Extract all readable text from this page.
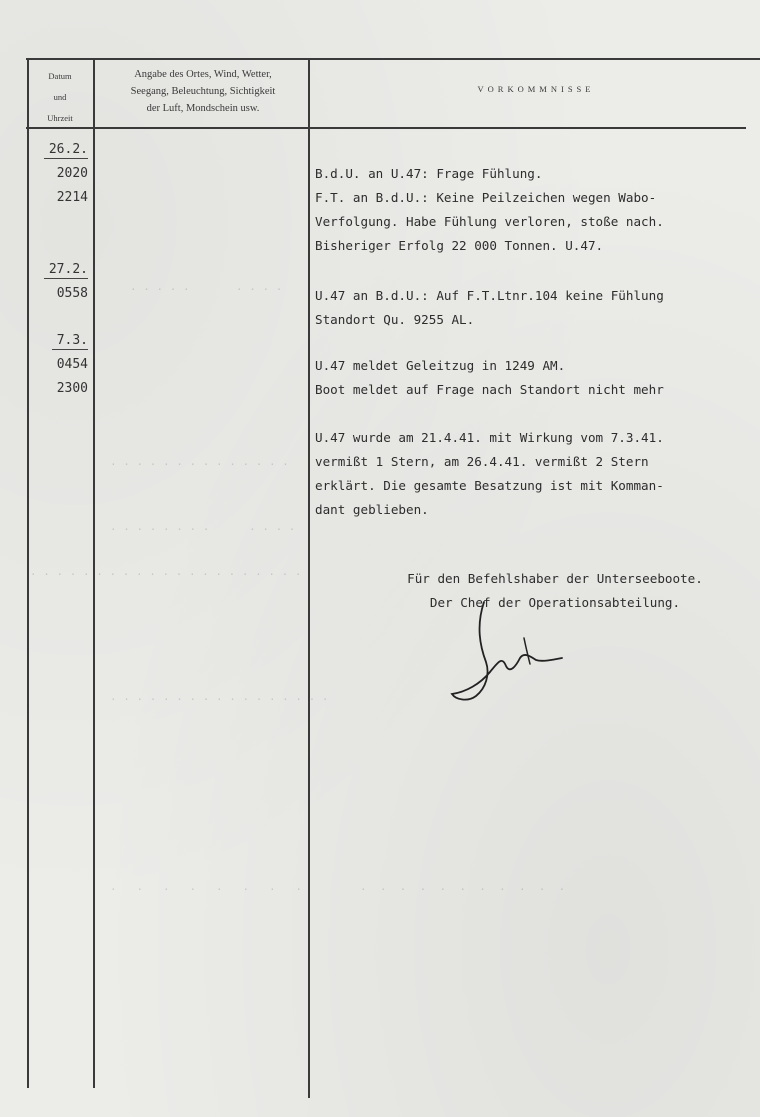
Datum
und
Uhrzeit
Angabe des Ortes, Wind, Wetter,
Seegang, Beleuchtung, Sichtigkeit
der Luft, Mondschein usw.
VORKOMMNISSE
26.2.
2020
2214
27.2.
0558
7.3.
0454
2300
B.d.U. an U.47: Frage Fühlung.
F.T. an B.d.U.: Keine Peilzeichen wegen Wabo-
Verfolgung. Habe Fühlung verloren, stoße nach.
Bisheriger Erfolg 22 000 Tonnen. U.47.
U.47 an B.d.U.: Auf F.T.Ltnr.104 keine Fühlung
Standort Qu. 9255 AL.
U.47 meldet Geleitzug in 1249 AM.
Boot meldet auf Frage nach Standort nicht mehr
U.47 wurde am 21.4.41. mit Wirkung vom 7.3.41.
vermißt 1 Stern, am 26.4.41. vermißt 2 Stern
erklärt. Die gesamte Besatzung ist mit Komman-
dant geblieben.
Für den Befehlshaber der Unterseeboote.
Der Chef der Operationsabteilung.
. . . . .       . . . .
. . . . . . . . . . . . . .
. . . . . . . .      . . . .
. . . . . . . . . . . . . . . . . . . . .
. . . . . . . . . . . . . . . . .
.   .   .   .   .   .   .   .	.  .  .  .  .  .  .  .  .  .  .
